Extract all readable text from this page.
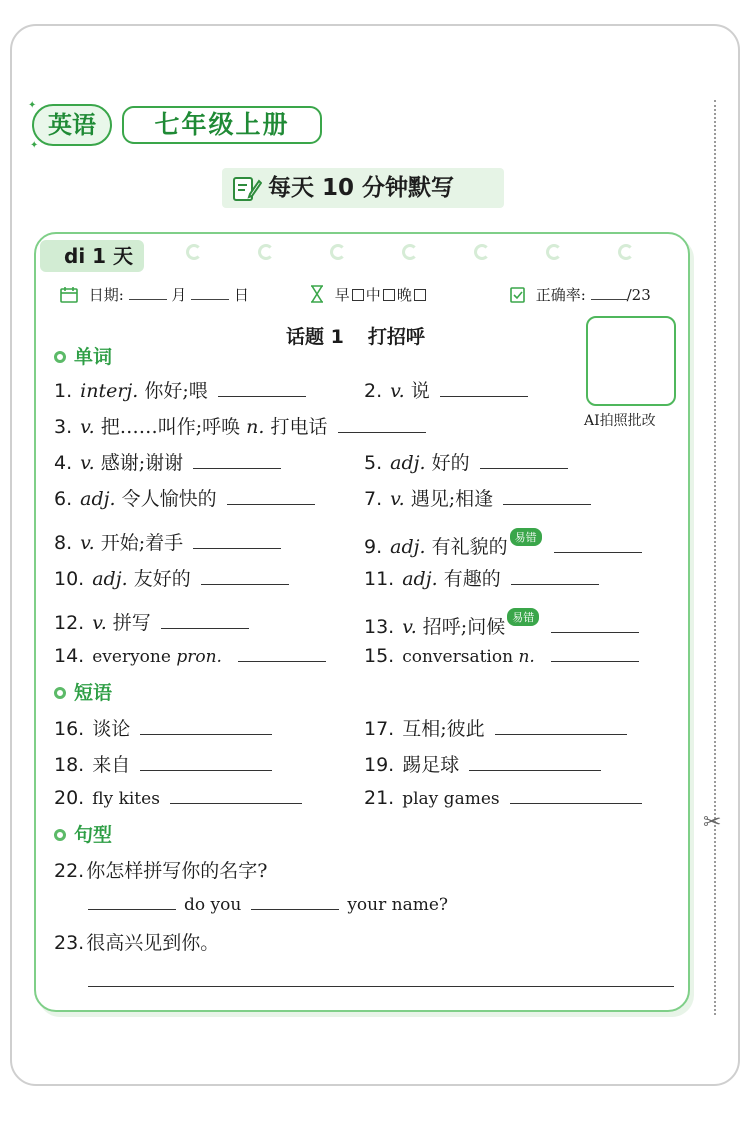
✦
✦
英语	七年级上册
每天 10 分钟默写
✂
di 1 天
日期:	月	日	早 中 晚	正确率:	/23
话题 1 打招呼
AI拍照批改
单词
1. interj. 你好;喂	2. v. 说
3. v. 把……叫作;呼唤 n. 打电话
4. v. 感谢;谢谢	5. adj. 好的
6. adj. 令人愉快的	7. v. 遇见;相逢
8. v. 开始;着手	9. adj. 有礼貌的 易错
10. adj. 友好的	11. adj. 有趣的
12. v. 拼写	13. v. 招呼;问候 易错
14. everyone pron.	15. conversation n.
短语
16. 谈论	17. 互相;彼此
18. 来自	19. 踢足球
20. fly kites	21. play games
句型
22. 你怎样拼写你的名字?
do you	your name?
23. 很高兴见到你。
